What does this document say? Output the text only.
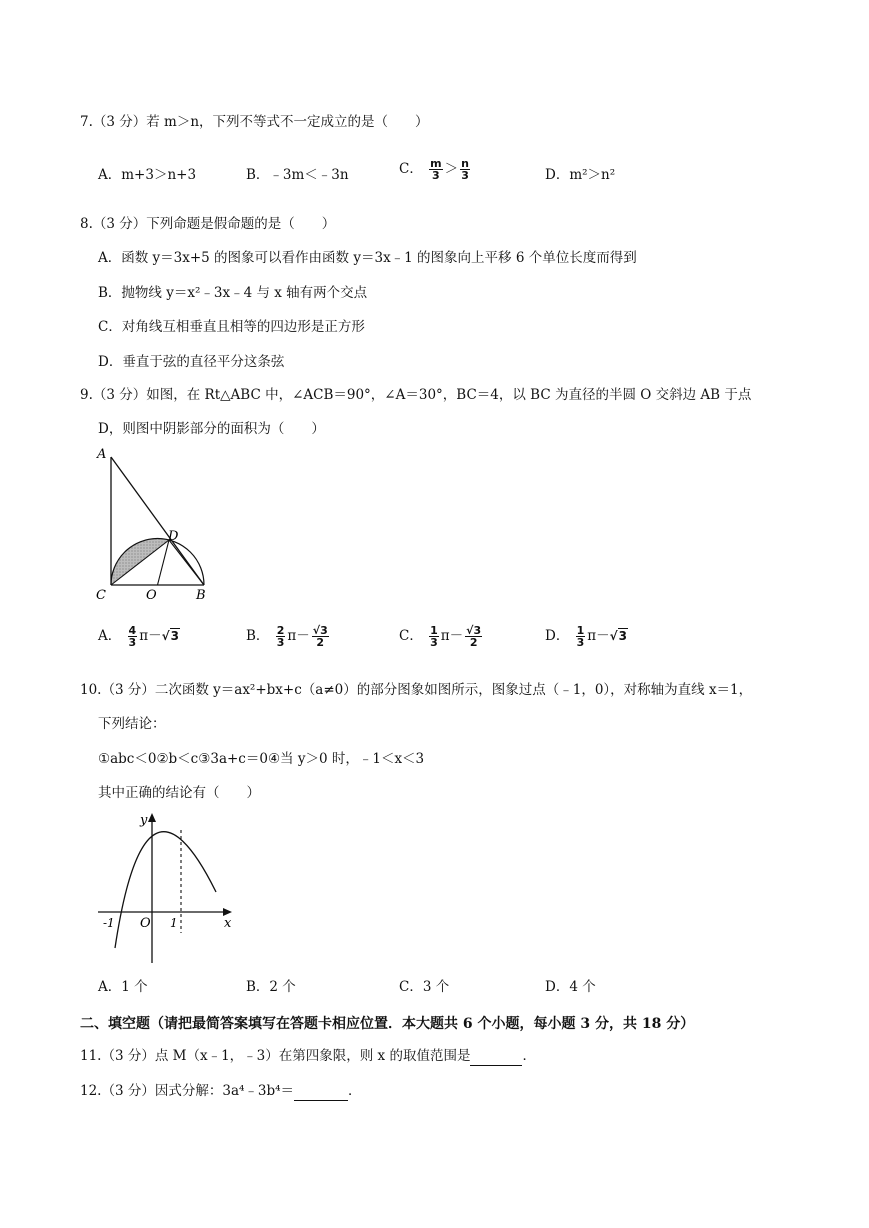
7.（3 分）若 m＞n，下列不等式不一定成立的是（　　）
A．m+3＞n+3	B．﹣3m＜﹣3n	C． $\frac{m}{3} > \frac{n}{3}$	D．m²＞n²
8.（3 分）下列命题是假命题的是（　　）
A．函数 y＝3x+5 的图象可以看作由函数 y＝3x﹣1 的图象向上平移 6 个单位长度而得到
B．抛物线 y＝x²﹣3x﹣4 与 x 轴有两个交点
C．对角线互相垂直且相等的四边形是正方形
D．垂直于弦的直径平分这条弦
9.（3 分）如图，在 Rt△ABC 中，∠ACB＝90°，∠A＝30°，BC＝4，以 BC 为直径的半圆 O 交斜边 AB 于点
D，则图中阴影部分的面积为（　　）
A
D
C	O	B
A． $\frac{4}{3} \pi-√3$	B． $\frac{2}{3} \pi- \frac{√3}{2}$	C． $\frac{1}{3} \pi- \frac{√3}{2}$	D． $\frac{1}{3} \pi-√3$
10.（3 分）二次函数 y＝ax²+bx+c（a≠0）的部分图象如图所示，图象过点（﹣1，0），对称轴为直线 x＝1，
下列结论：
①abc＜0②b＜c③3a+c＝0④当 y＞0 时，﹣1＜x＜3
其中正确的结论有（　　）
y
x
-1 O 1
A．1 个	B．2 个	C．3 个	D．4 个
二、填空题（请把最简答案填写在答题卡相应位置．本大题共 6 个小题，每小题 3 分，共 18 分）
11.（3 分）点 M（x﹣1，﹣3）在第四象限，则 x 的取值范围是	．
12.（3 分）因式分解：3a⁴﹣3b⁴＝	．
